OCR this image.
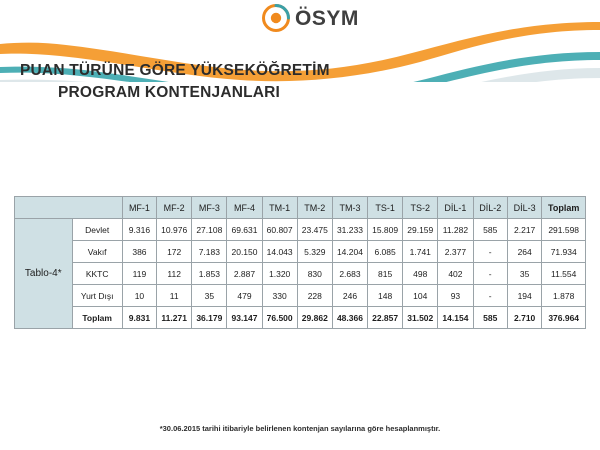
ÖSYM
PUAN TÜRÜNE GÖRE YÜKSEKÖĞRETİM
PROGRAM KONTENJANLARI
		MF-1	MF-2	MF-3	MF-4	TM-1	TM-2	TM-3	TS-1	TS-2	DİL-1	DİL-2	DİL-3	Toplam
Tablo-4*	Devlet	9.316	10.976	27.108	69.631	60.807	23.475	31.233	15.809	29.159	11.282	585	2.217	291.598
	Vakıf	386	172	7.183	20.150	14.043	5.329	14.204	6.085	1.741	2.377	-	264	71.934
	KKTC	119	112	1.853	2.887	1.320	830	2.683	815	498	402	-	35	11.554
	Yurt Dışı	10	11	35	479	330	228	246	148	104	93	-	194	1.878
	Toplam	9.831	11.271	36.179	93.147	76.500	29.862	48.366	22.857	31.502	14.154	585	2.710	376.964
*30.06.2015 tarihi itibariyle belirlenen kontenjan sayılarına göre hesaplanmıştır.
